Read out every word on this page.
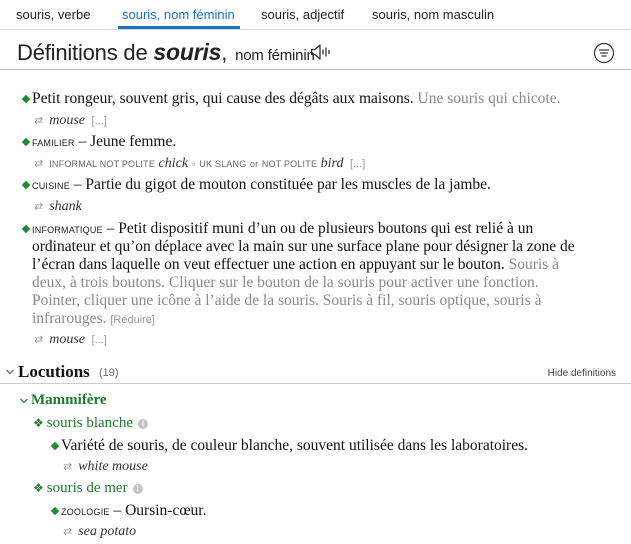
souris, verbe souris, nom féminin souris, adjectif souris, nom masculin
Définitions de souris, nom féminin
Petit rongeur, souvent gris, qui cause des dégâts aux maisons. Une souris qui chicote.
⇄ mouse [...]
FAMILIER – Jeune femme.
⇄ INFORMAL NOT POLITE chick ▫ UK SLANG or NOT POLITE bird [...]
CUISINE – Partie du gigot de mouton constituée par les muscles de la jambe.
⇄ shank
INFORMATIQUE – Petit dispositif muni d’un ou de plusieurs boutons qui est relié à un
ordinateur et qu’on déplace avec la main sur une surface plane pour désigner la zone de
l’écran dans laquelle on veut effectuer une action en appuyant sur le bouton. Souris à
deux, à trois boutons. Cliquer sur le bouton de la souris pour activer une fonction.
Pointer, cliquer une icône à l’aide de la souris. Souris à fil, souris optique, souris à
infrarouges. [Réduire]
⇄ mouse [...]
Locutions (19)	Hide definitions
Mammifère
❖ souris blanche i
Variété de souris, de couleur blanche, souvent utilisée dans les laboratoires.
⇄ white mouse
❖ souris de mer i
ZOOLOGIE – Oursin-cœur.
⇄ sea potato
